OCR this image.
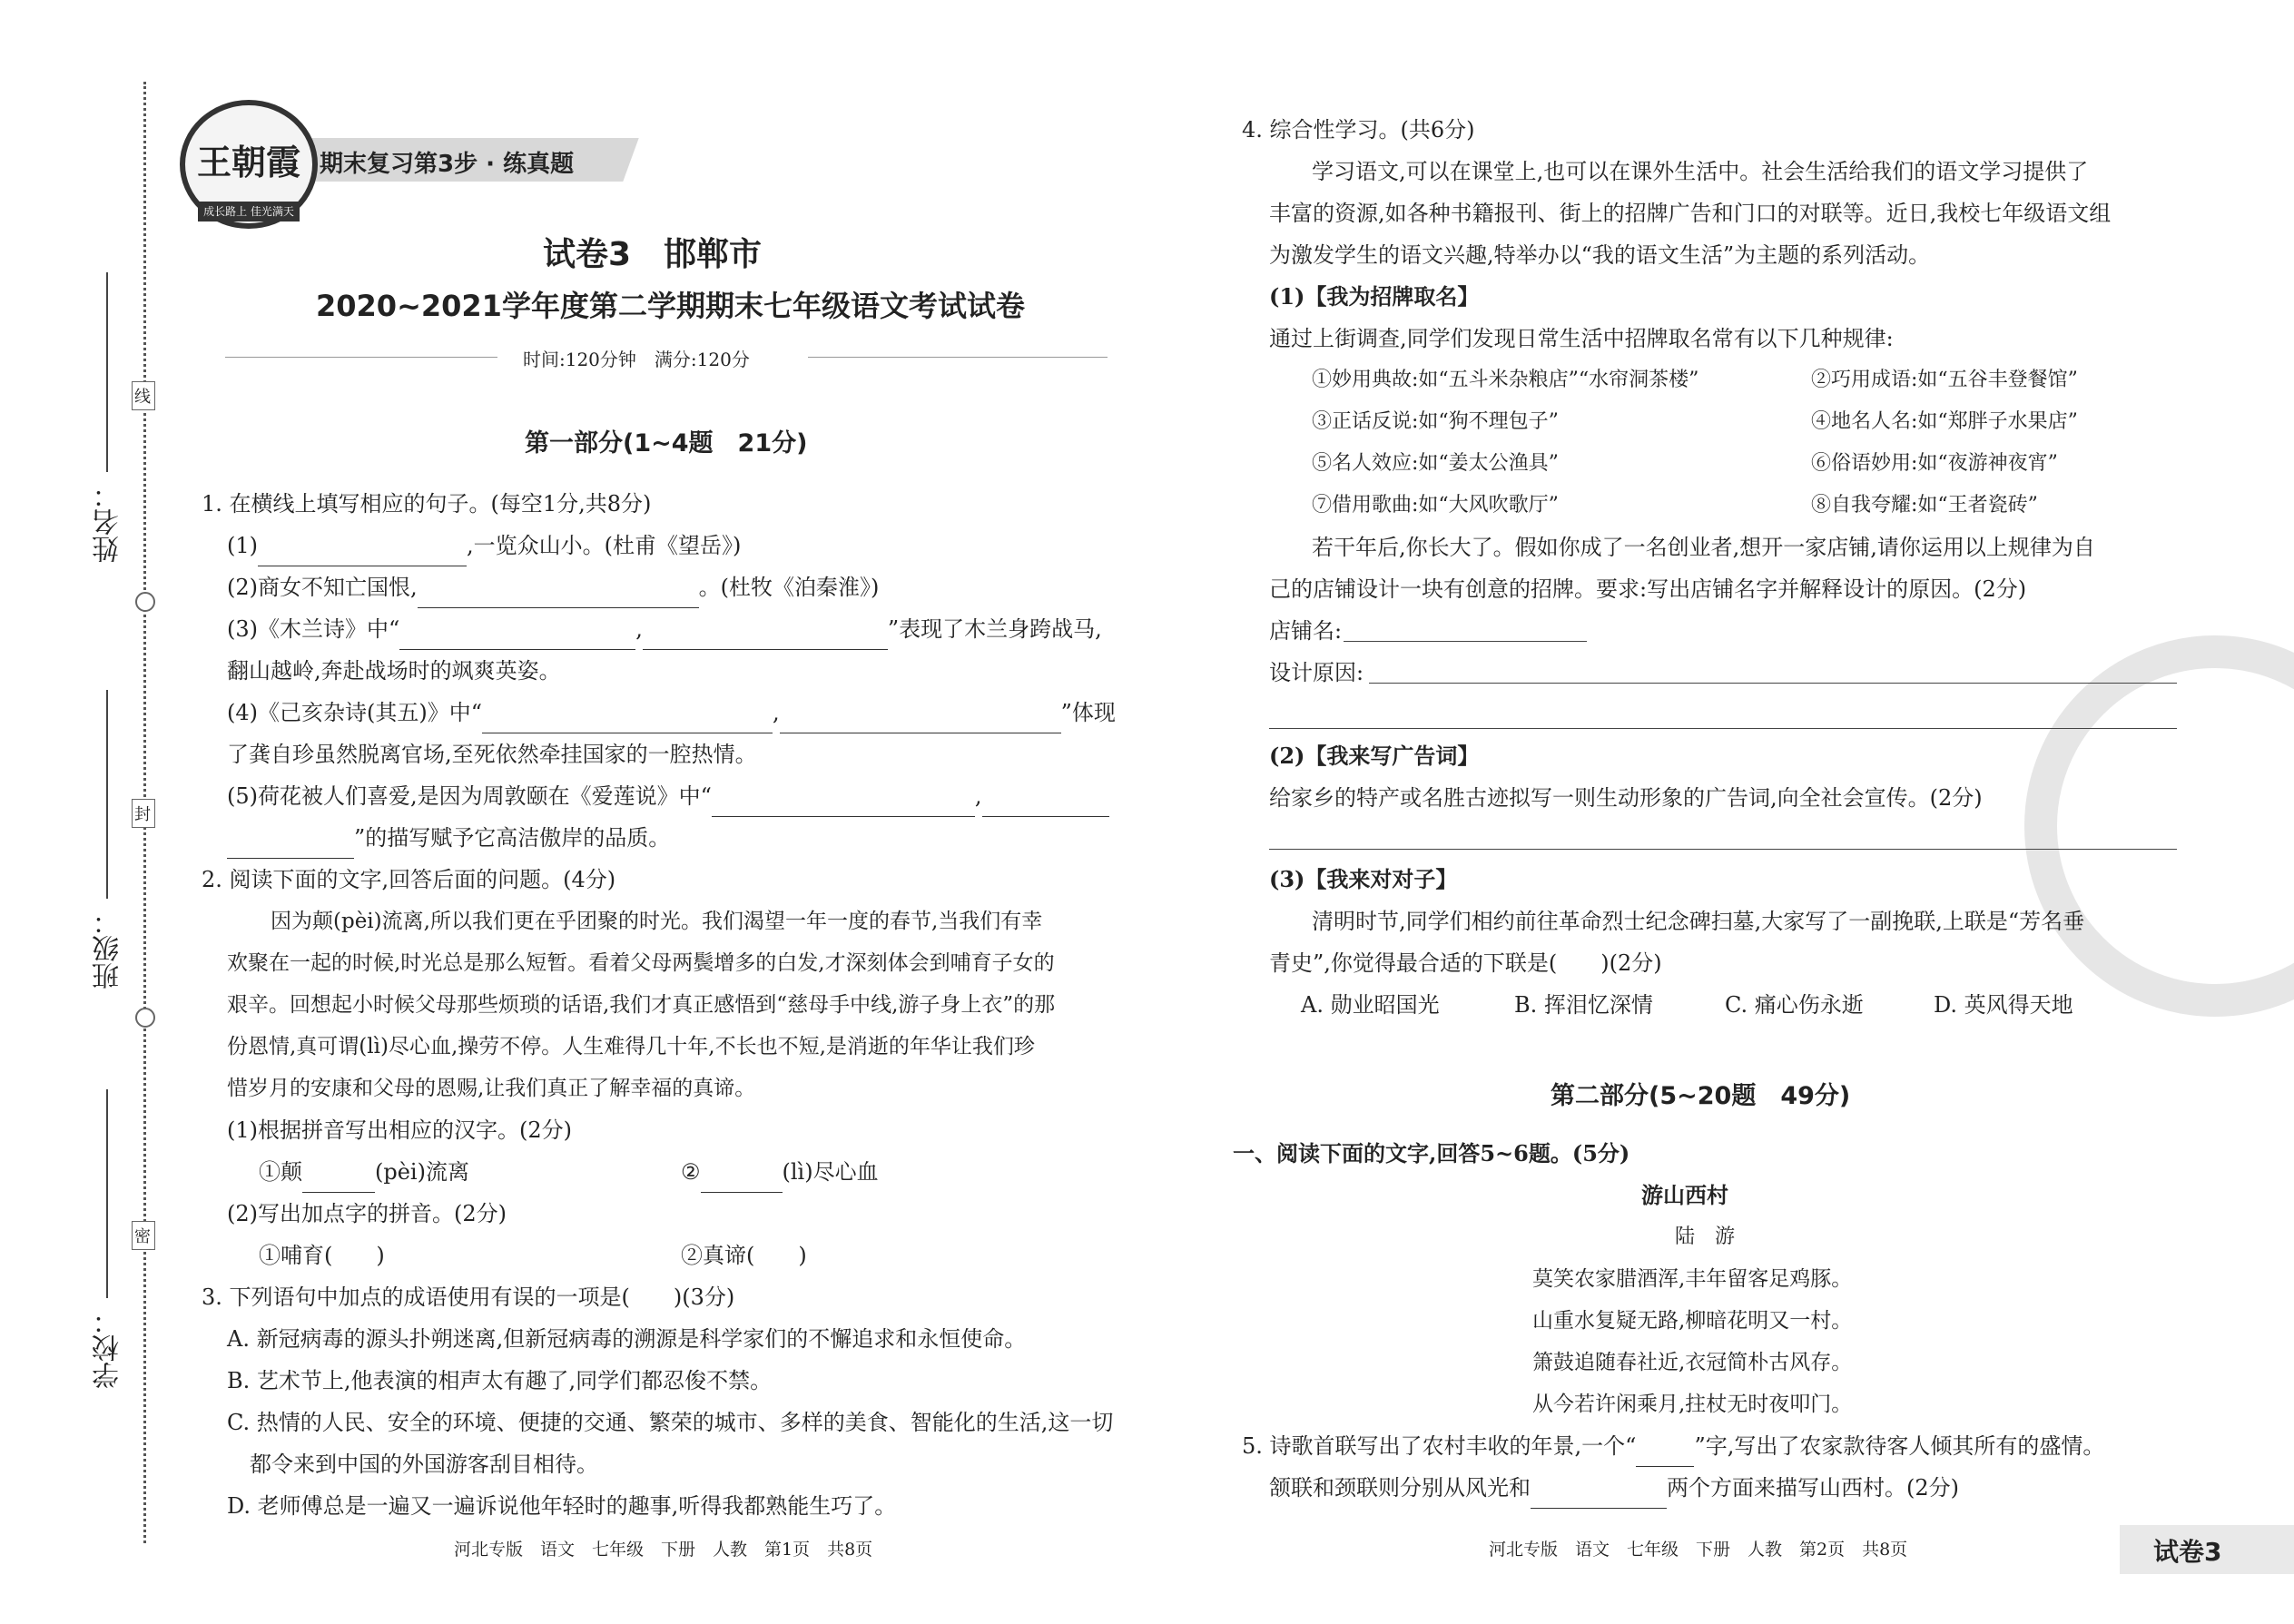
线
封
密
姓名：
班级：
学校：
期末复习第3步 · 练真题
王朝霞
成长路上 佳光满天
试卷3　邯郸市
2020~2021学年度第二学期期末七年级语文考试试卷
时间:120分钟　满分:120分
第一部分(1~4题　21分)
1. 在横线上填写相应的句子。(每空1分,共8分)
(1)	,一览众山小。(杜甫《望岳》)
(2)商女不知亡国恨,	。(杜牧《泊秦淮》)
(3)《木兰诗》中“	,	”表现了木兰身跨战马,
翻山越岭,奔赴战场时的飒爽英姿。
(4)《己亥杂诗(其五)》中“	,	”体现
了龚自珍虽然脱离官场,至死依然牵挂国家的一腔热情。
(5)荷花被人们喜爱,是因为周敦颐在《爱莲说》中“	,
”的描写赋予它高洁傲岸的品质。
2. 阅读下面的文字,回答后面的问题。(4分)
因为颠(pèi)流离,所以我们更在乎团聚的时光。我们渴望一年一度的春节,当我们有幸
欢聚在一起的时候,时光总是那么短暂。看着父母两鬓增多的白发,才深刻体会到哺育子女的
艰辛。回想起小时候父母那些烦琐的话语,我们才真正感悟到“慈母手中线,游子身上衣”的那
份恩情,真可谓(lì)尽心血,操劳不停。人生难得几十年,不长也不短,是消逝的年华让我们珍
惜岁月的安康和父母的恩赐,让我们真正了解幸福的真谛。
(1)根据拼音写出相应的汉字。(2分)
①颠	(pèi)流离	②	(lì)尽心血
(2)写出加点字的拼音。(2分)
①哺育(　　)	②真谛(　　)
3. 下列语句中加点的成语使用有误的一项是(　　)(3分)
A. 新冠病毒的源头扑朔迷离,但新冠病毒的溯源是科学家们的不懈追求和永恒使命。
B. 艺术节上,他表演的相声太有趣了,同学们都忍俊不禁。
C. 热情的人民、安全的环境、便捷的交通、繁荣的城市、多样的美食、智能化的生活,这一切
都令来到中国的外国游客刮目相待。
D. 老师傅总是一遍又一遍诉说他年轻时的趣事,听得我都熟能生巧了。
河北专版　语文　七年级　下册　人教　第1页　共8页
4. 综合性学习。(共6分)
学习语文,可以在课堂上,也可以在课外生活中。社会生活给我们的语文学习提供了
丰富的资源,如各种书籍报刊、街上的招牌广告和门口的对联等。近日,我校七年级语文组
为激发学生的语文兴趣,特举办以“我的语文生活”为主题的系列活动。
(1)【我为招牌取名】
通过上街调查,同学们发现日常生活中招牌取名常有以下几种规律:
①妙用典故:如“五斗米杂粮店”“水帘洞茶楼”	②巧用成语:如“五谷丰登餐馆”
③正话反说:如“狗不理包子”	④地名人名:如“郑胖子水果店”
⑤名人效应:如“姜太公渔具”	⑥俗语妙用:如“夜游神夜宵”
⑦借用歌曲:如“大风吹歌厅”	⑧自我夸耀:如“王者瓷砖”
若干年后,你长大了。假如你成了一名创业者,想开一家店铺,请你运用以上规律为自
己的店铺设计一块有创意的招牌。要求:写出店铺名字并解释设计的原因。(2分)
店铺名:
设计原因:
(2)【我来写广告词】
给家乡的特产或名胜古迹拟写一则生动形象的广告词,向全社会宣传。(2分)
(3)【我来对对子】
清明时节,同学们相约前往革命烈士纪念碑扫墓,大家写了一副挽联,上联是“芳名垂
青史”,你觉得最合适的下联是(　　)(2分)
A. 勋业昭国光	B. 挥泪忆深情	C. 痛心伤永逝	D. 英风得天地
第二部分(5~20题　49分)
一、阅读下面的文字,回答5~6题。(5分)
游山西村
陆　游
莫笑农家腊酒浑,丰年留客足鸡豚。
山重水复疑无路,柳暗花明又一村。
箫鼓追随春社近,衣冠简朴古风存。
从今若许闲乘月,拄杖无时夜叩门。
5. 诗歌首联写出了农村丰收的年景,一个“	”字,写出了农家款待客人倾其所有的盛情。
颔联和颈联则分别从风光和	两个方面来描写山西村。(2分)
河北专版　语文　七年级　下册　人教　第2页　共8页	试卷3
